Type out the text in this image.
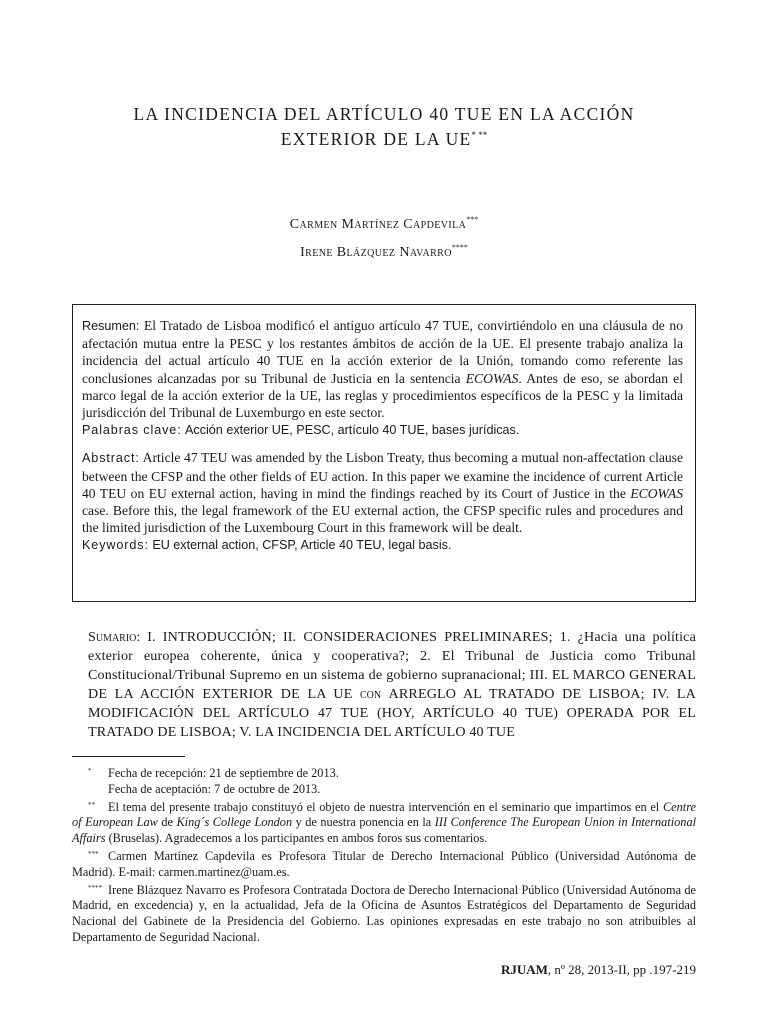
LA INCIDENCIA DEL ARTÍCULO 40 TUE EN LA ACCIÓN
EXTERIOR DE LA UE* **
Carmen Martínez Capdevila***
Irene Blázquez Navarro****

Resumen: El Tratado de Lisboa modificó el antiguo artículo 47 TUE, convirtiéndolo en una cláusula de no afectación mutua entre la PESC y los restantes ámbitos de acción de la UE. El presente trabajo analiza la incidencia del actual artículo 40 TUE en la acción exterior de la Unión, tomando como referente las conclusiones alcanzadas por su Tribunal de Justicia en la sentencia ECOWAS. Antes de eso, se abordan el marco legal de la acción exterior de la UE, las reglas y procedimientos específicos de la PESC y la limitada jurisdicción del Tribunal de Luxemburgo en este sector.

Palabras clave: Acción exterior UE, PESC, artículo 40 TUE, bases jurídicas.

Abstract: Article 47 TEU was amended by the Lisbon Treaty, thus becoming a mutual non-affectation clause between the CFSP and the other fields of EU action. In this paper we examine the incidence of current Article 40 TEU on EU external action, having in mind the findings reached by its Court of Justice in the ECOWAS case. Before this, the legal framework of the EU external action, the CFSP specific rules and procedures and the limited jurisdiction of the Luxembourg Court in this framework will be dealt.

Keywords: EU external action, CFSP, Article 40 TEU, legal basis.

Sumario: I. INTRODUCCIÓN; II. CONSIDERACIONES PRELIMINARES; 1. ¿Hacia una política exterior europea coherente, única y cooperativa?; 2. El Tribunal de Justicia como Tribunal Constitucional/Tribunal Supremo en un sistema de gobierno supranacional; III. EL MARCO GENERAL DE LA ACCIÓN EXTERIOR DE LA UE con ARREGLO AL TRATADO DE LISBOA; IV. LA MODIFICACIÓN DEL ARTÍCULO 47 TUE (HOY, ARTÍCULO 40 TUE) OPERADA POR EL TRATADO DE LISBOA; V. LA INCIDENCIA DEL ARTÍCULO 40 TUE

* Fecha de recepción: 21 de septiembre de 2013.

Fecha de aceptación: 7 de octubre de 2013.

** El tema del presente trabajo constituyó el objeto de nuestra intervención en el seminario que impartimos en el Centre of European Law de King´s College London y de nuestra ponencia en la III Conference The European Union in International Affairs (Bruselas). Agradecemos a los participantes en ambos foros sus comentarios.

*** Carmen Martínez Capdevila es Profesora Titular de Derecho Internacional Público (Universidad Autónoma de Madrid). E-mail: carmen.martinez@uam.es.

**** Irene Blázquez Navarro es Profesora Contratada Doctora de Derecho Internacional Público (Universidad Autónoma de Madrid, en excedencia) y, en la actualidad, Jefa de la Oficina de Asuntos Estratégicos del Departamento de Seguridad Nacional del Gabinete de la Presidencia del Gobierno. Las opiniones expresadas en este trabajo no son atribuibles al Departamento de Seguridad Nacional.

RJUAM, nº 28, 2013-II, pp .197-219
